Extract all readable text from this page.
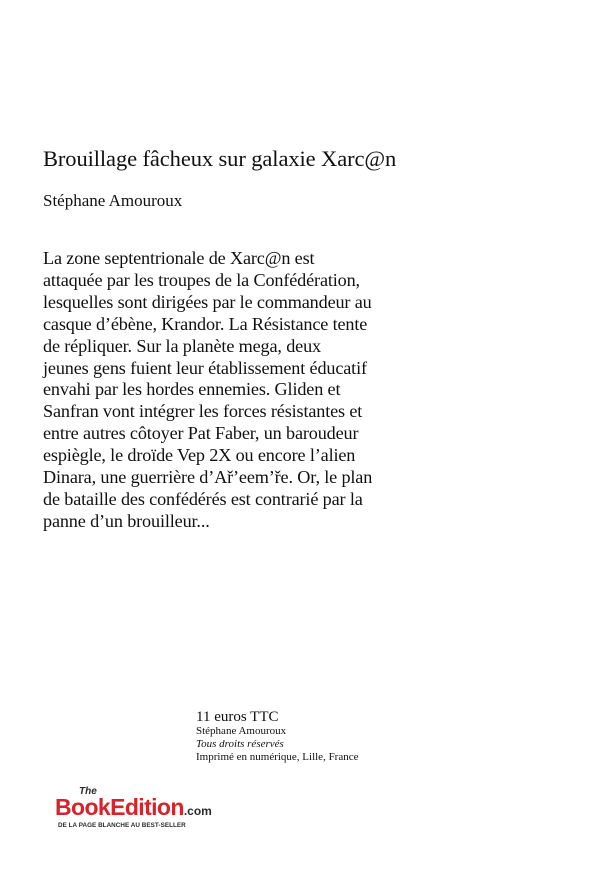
Brouillage fâcheux sur galaxie Xarc@n
Stéphane Amouroux
La zone septentrionale de Xarc@n est
attaquée par les troupes de la Confédération,
lesquelles sont dirigées par le commandeur au
casque d’ébène, Krandor. La Résistance tente
de répliquer. Sur la planète mega, deux
jeunes gens fuient leur établissement éducatif
envahi par les hordes ennemies. Gliden et
Sanfran vont intégrer les forces résistantes et
entre autres côtoyer Pat Faber, un baroudeur
espiègle, le droïde Vep 2X ou encore l’alien
Dinara, une guerrière d’Ař’eem’ře. Or, le plan
de bataille des confédérés est contrarié par la
panne d’un brouilleur...
11 euros TTC
Stéphane Amouroux
Tous droits réservés
Imprimé en numérique, Lille, France
The
BookEdition.com
DE LA PAGE BLANCHE AU BEST-SELLER
